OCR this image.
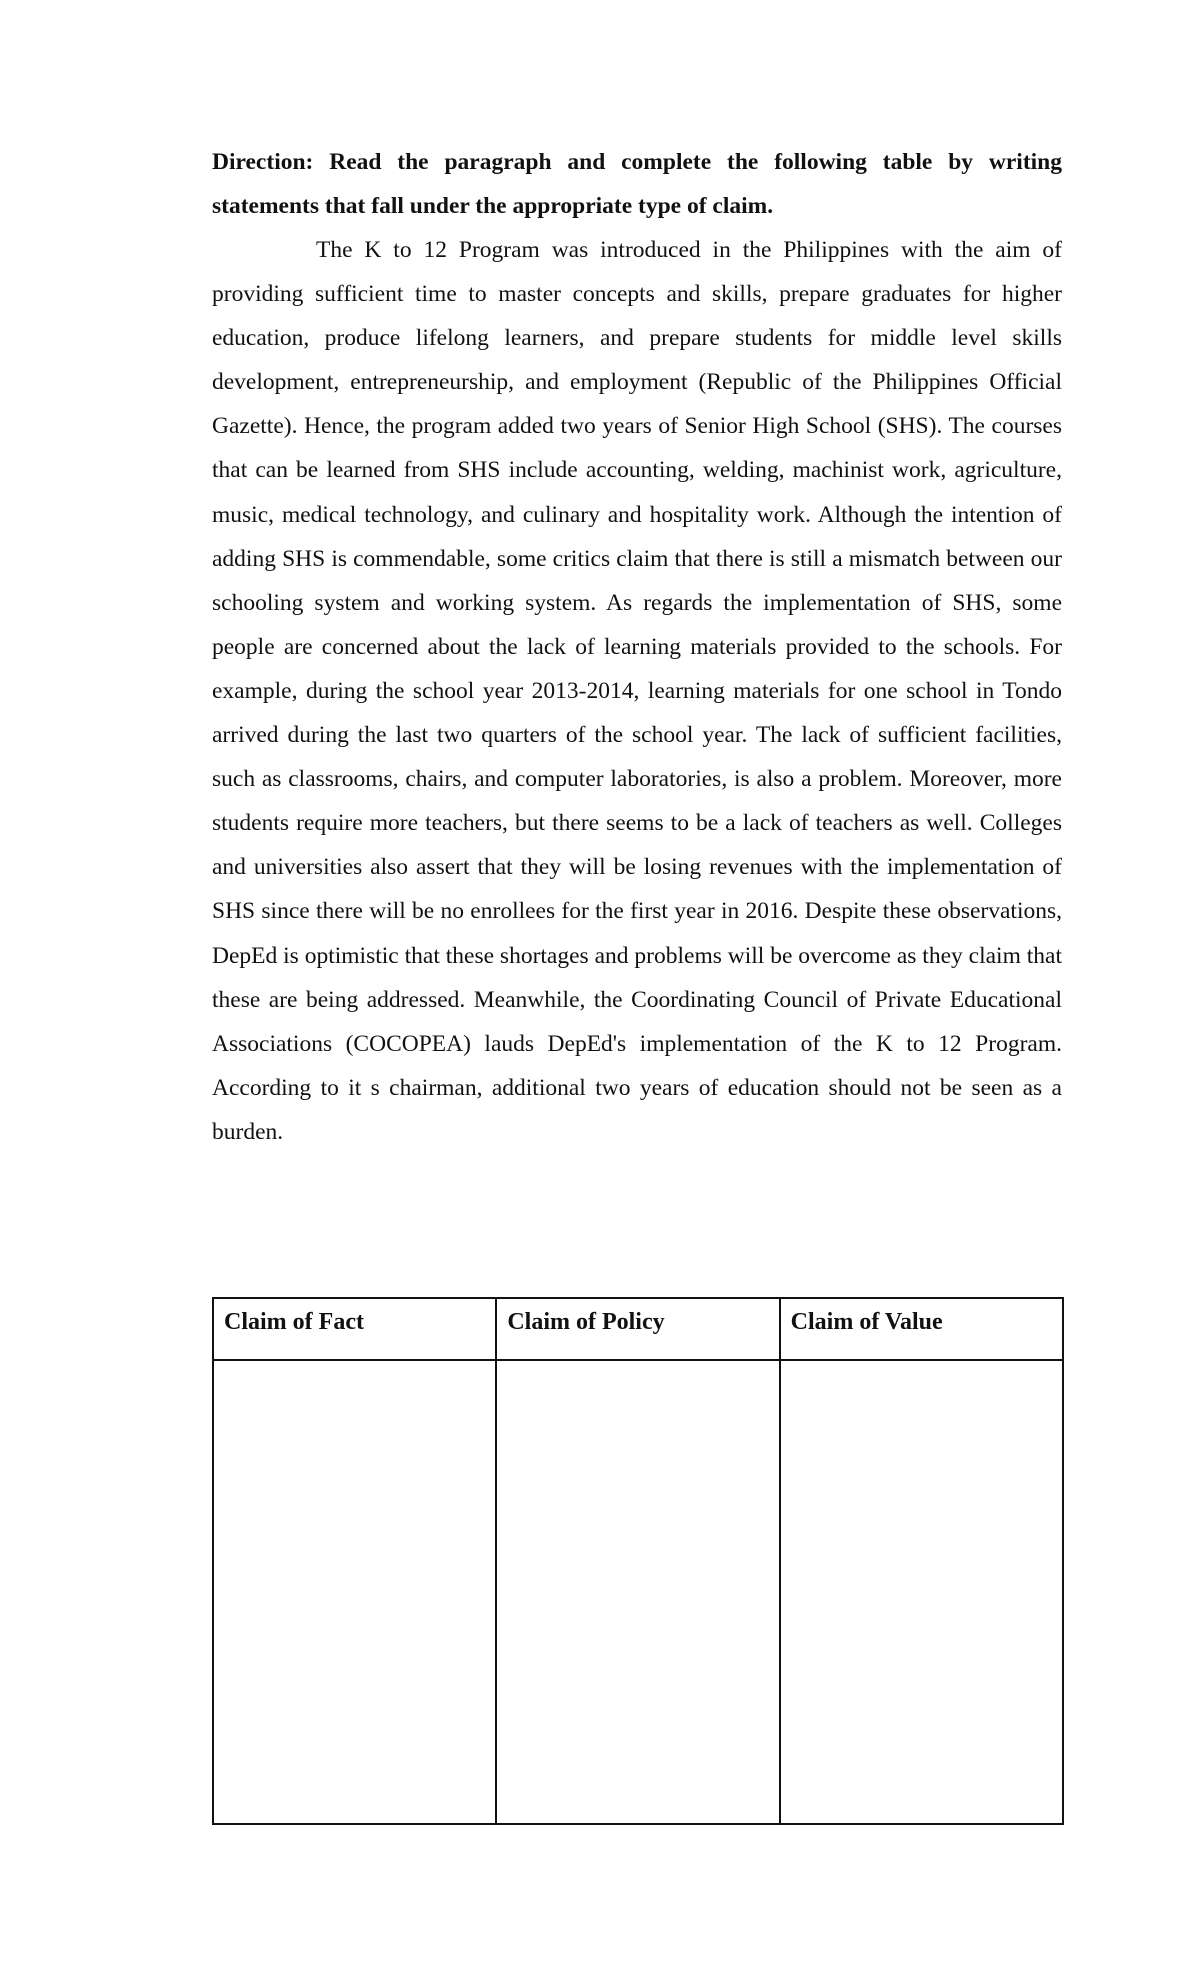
Direction: Read the paragraph and complete the following table by writing statements that fall under the appropriate type of claim.

The K to 12 Program was introduced in the Philippines with the aim of providing sufficient time to master concepts and skills, prepare graduates for higher education, produce lifelong learners, and prepare students for middle level skills development, entrepreneurship, and employment (Republic of the Philippines Official Gazette). Hence, the program added two years of Senior High School (SHS). The courses that can be learned from SHS include accounting, welding, machinist work, agriculture, music, medical technology, and culinary and hospitality work. Although the intention of adding SHS is commendable, some critics claim that there is still a mismatch between our schooling system and working system. As regards the implementation of SHS, some people are concerned about the lack of learning materials provided to the schools. For example, during the school year 2013-2014, learning materials for one school in Tondo arrived during the last two quarters of the school year. The lack of sufficient facilities, such as classrooms, chairs, and computer laboratories, is also a problem. Moreover, more students require more teachers, but there seems to be a lack of teachers as well. Colleges and universities also assert that they will be losing revenues with the implementation of SHS since there will be no enrollees for the first year in 2016. Despite these observations, DepEd is optimistic that these shortages and problems will be overcome as they claim that these are being addressed. Meanwhile, the Coordinating Council of Private Educational Associations (COCOPEA) lauds DepEd's implementation of the K to 12 Program. According to it s chairman, additional two years of education should not be seen as a burden.

Claim of Fact	Claim of Policy	Claim of Value
